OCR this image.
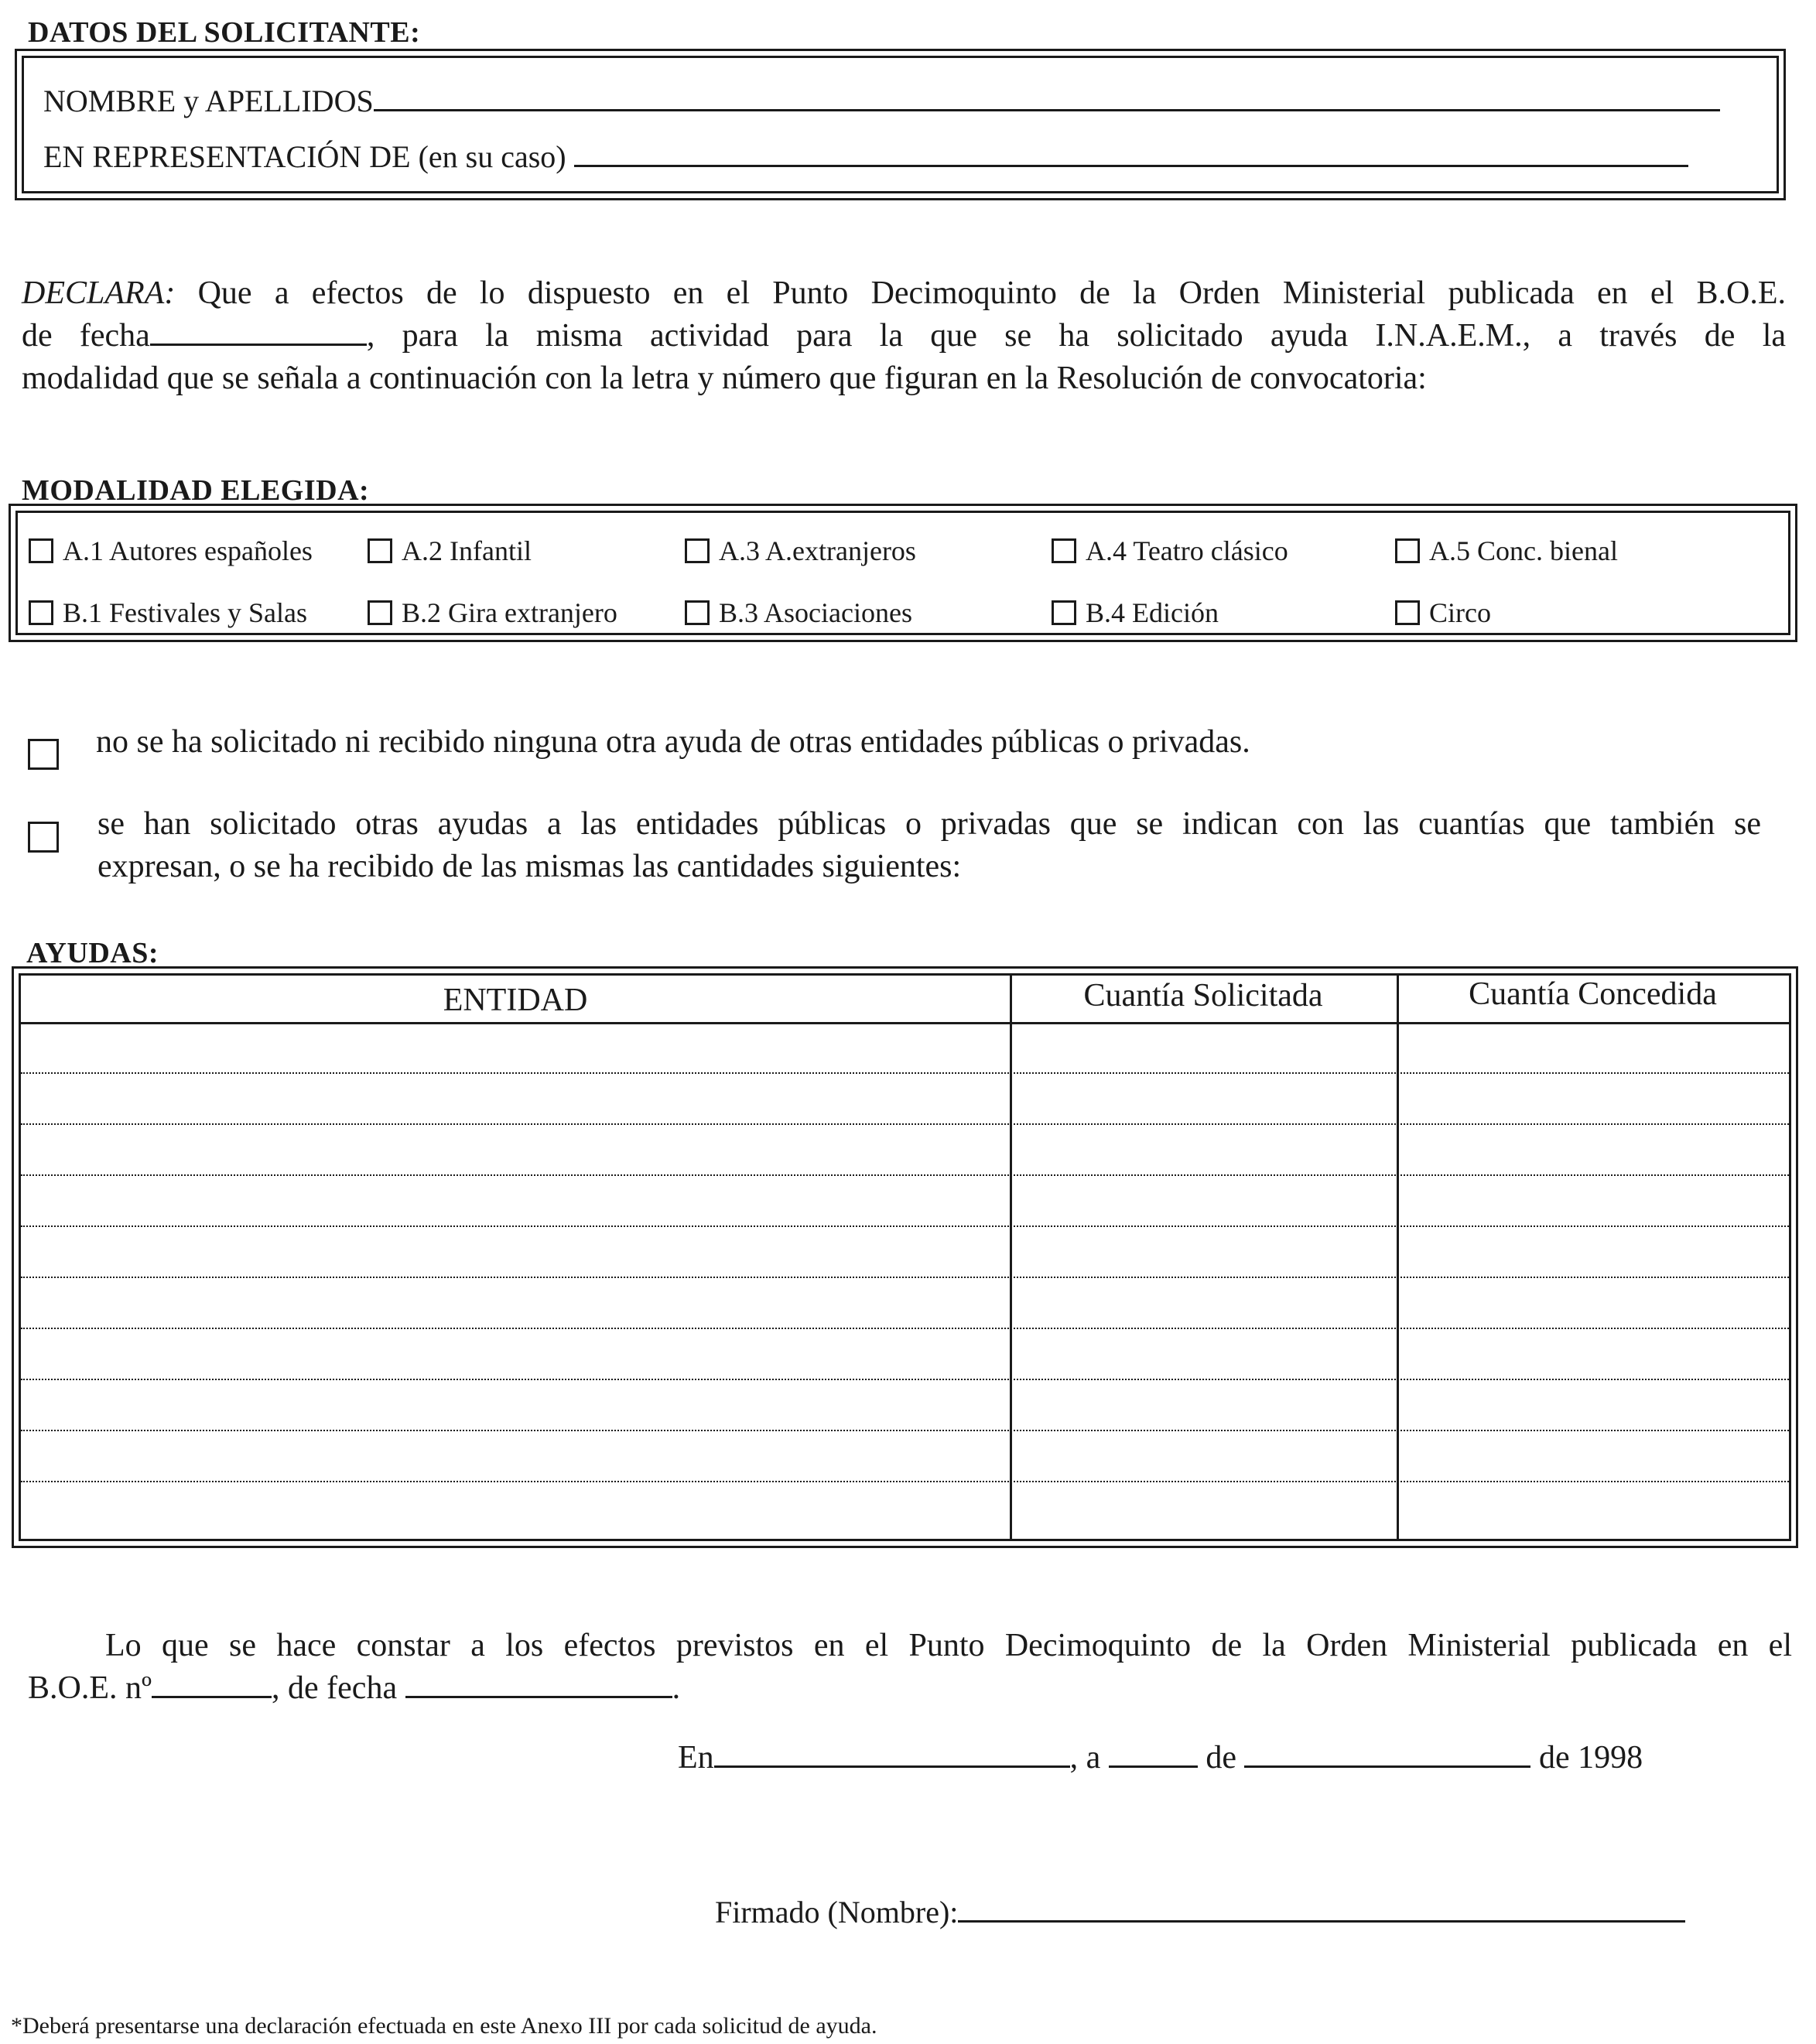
DATOS DEL SOLICITANTE:
NOMBRE y APELLIDOS
EN REPRESENTACIÓN DE (en su caso)
DECLARA: Que a efectos de lo dispuesto en el Punto Decimoquinto de la Orden Ministerial publicada en el B.O.E.
de fecha	, para la misma actividad para la que se ha solicitado ayuda I.N.A.E.M., a través de la
modalidad que se señala a continuación con la letra y número que figuran en la Resolución de convocatoria:
MODALIDAD ELEGIDA:
A.1 Autores españoles	A.2 Infantil	A.3 A.extranjeros	A.4 Teatro clásico	A.5 Conc. bienal
B.1 Festivales y Salas	B.2 Gira extranjero	B.3 Asociaciones	B.4 Edición	Circo
no se ha solicitado ni recibido ninguna otra ayuda de otras entidades públicas o privadas.
se han solicitado otras ayudas a las entidades públicas o privadas que se indican con las cuantías que también se
expresan, o se ha recibido de las mismas las cantidades siguientes:
AYUDAS:
ENTIDAD	Cuantía Solicitada	Cuantía Concedida
Lo que se hace constar a los efectos previstos en el Punto Decimoquinto de la Orden Ministerial publicada en el
B.O.E. nº	, de fecha	.
En	, a	de	de 1998
Firmado (Nombre):
*Deberá presentarse una declaración efectuada en este Anexo III por cada solicitud de ayuda.
